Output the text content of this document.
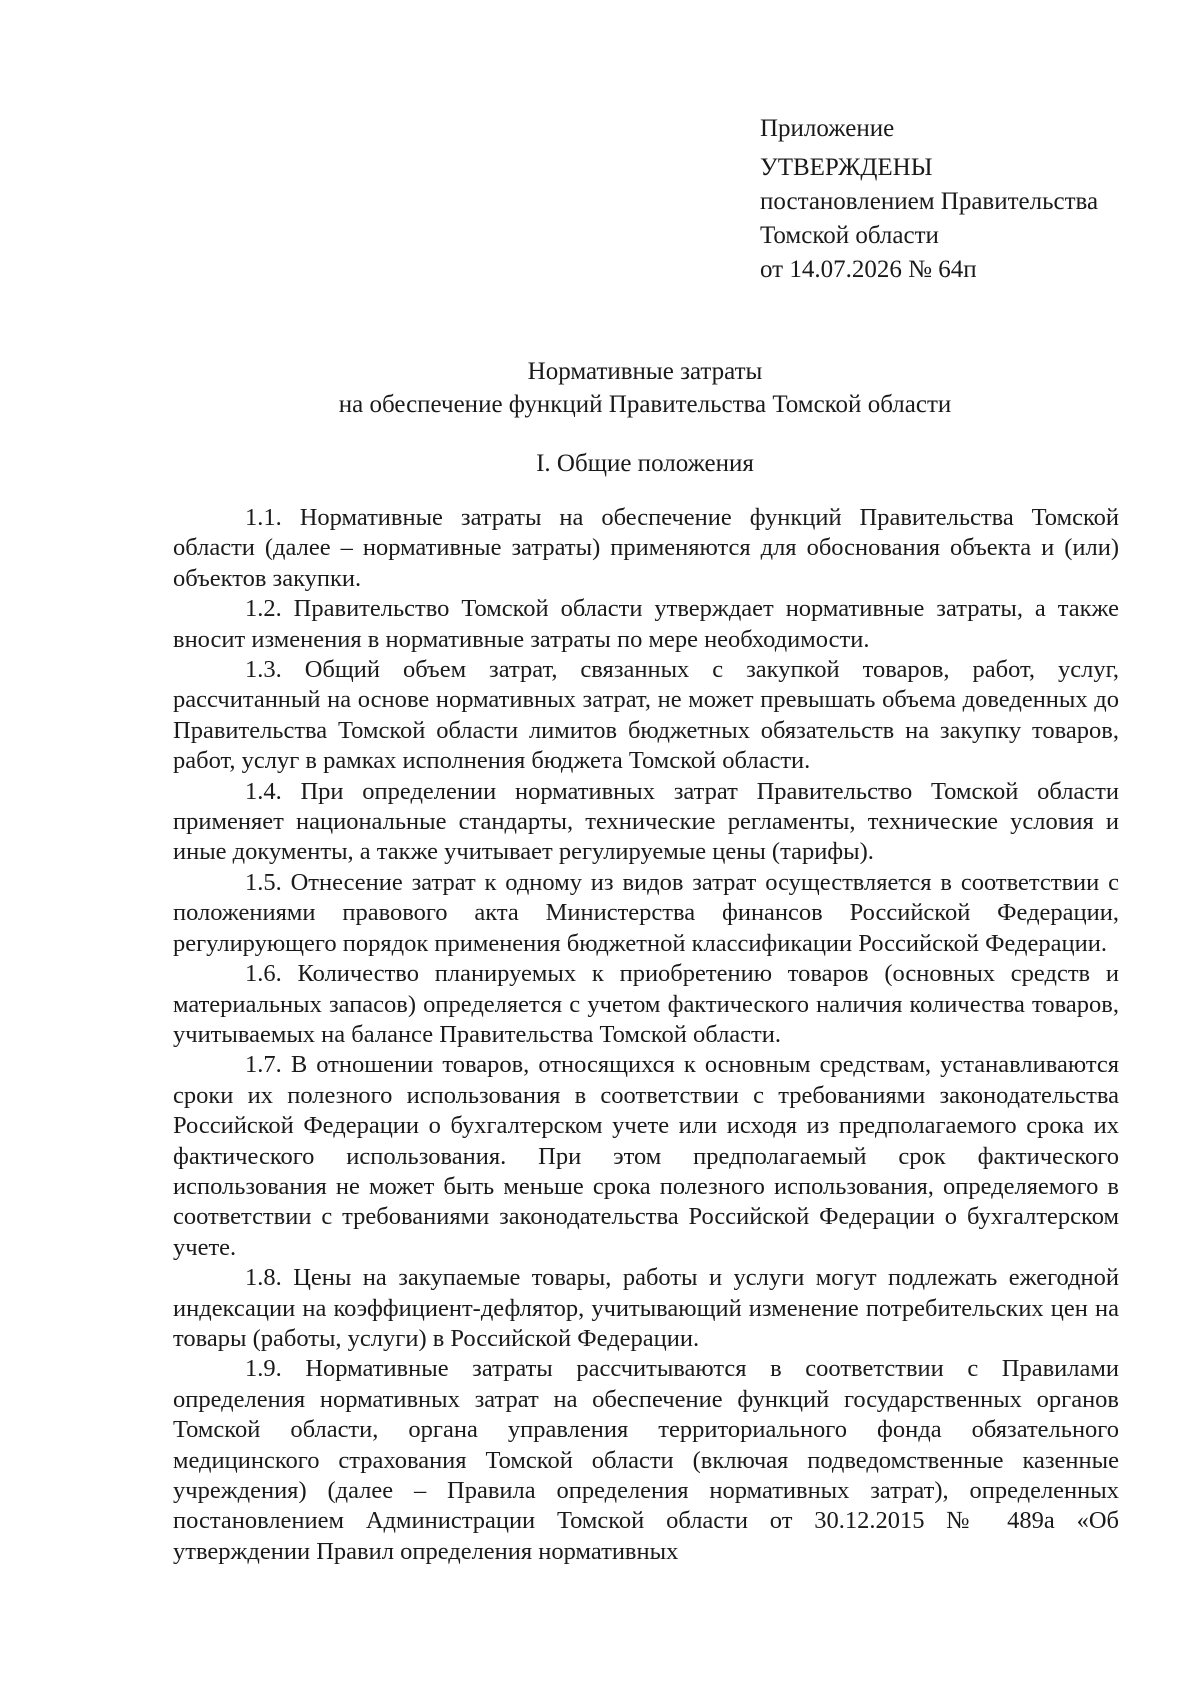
Приложение
УТВЕРЖДЕНЫ
постановлением Правительства
Томской области
от 14.07.2026 № 64п
Нормативные затраты
на обеспечение функций Правительства Томской области
I. Общие положения

1.1. Нормативные затраты на обеспечение функций Правительства Томской области (далее – нормативные затраты) применяются для обоснования объекта и (или) объектов закупки.

1.2. Правительство Томской области утверждает нормативные затраты, а также вносит изменения в нормативные затраты по мере необходимости.

1.3. Общий объем затрат, связанных с закупкой товаров, работ, услуг, рассчитанный на основе нормативных затрат, не может превышать объема доведенных до Правительства Томской области лимитов бюджетных обязательств на закупку товаров, работ, услуг в рамках исполнения бюджета Томской области.

1.4. При определении нормативных затрат Правительство Томской области применяет национальные стандарты, технические регламенты, технические условия и иные документы, а также учитывает регулируемые цены (тарифы).

1.5. Отнесение затрат к одному из видов затрат осуществляется в соответствии с положениями правового акта Министерства финансов Российской Федерации, регулирующего порядок применения бюджетной классификации Российской Федерации.

1.6. Количество планируемых к приобретению товаров (основных средств и материальных запасов) определяется с учетом фактического наличия количества товаров, учитываемых на балансе Правительства Томской области.

1.7. В отношении товаров, относящихся к основным средствам, устанавливаются сроки их полезного использования в соответствии с требованиями законодательства Российской Федерации о бухгалтерском учете или исходя из предполагаемого срока их фактического использования. При этом предполагаемый срок фактического использования не может быть меньше срока полезного использования, определяемого в соответствии с требованиями законодательства Российской Федерации о бухгалтерском учете.

1.8. Цены на закупаемые товары, работы и услуги могут подлежать ежегодной индексации на коэффициент-дефлятор, учитывающий изменение потребительских цен на товары (работы, услуги) в Российской Федерации.

1.9. Нормативные затраты рассчитываются в соответствии с Правилами определения нормативных затрат на обеспечение функций государственных органов Томской области, органа управления территориального фонда обязательного медицинского страхования Томской области (включая подведомственные казенные учреждения) (далее – Правила определения нормативных затрат), определенных постановлением Администрации Томской области от 30.12.2015 № 489а «Об утверждении Правил определения нормативных
